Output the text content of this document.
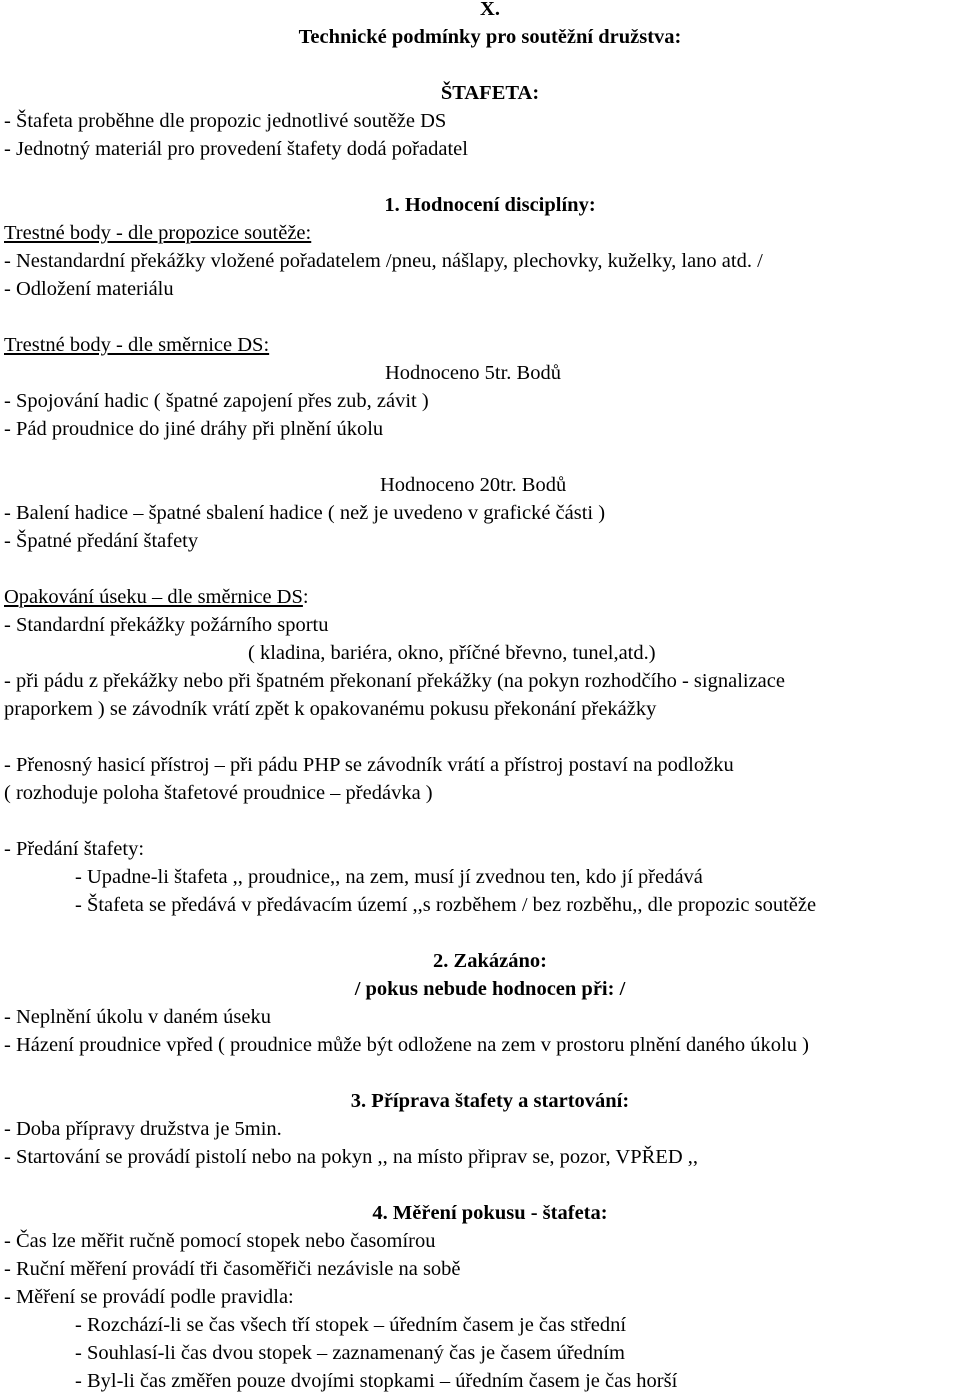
X.
Technické podmínky pro soutěžní družstva:
ŠTAFETA:
- Štafeta proběhne dle propozic jednotlivé soutěže DS
- Jednotný materiál pro provedení štafety dodá pořadatel
1. Hodnocení disciplíny:
Trestné body - dle propozice soutěže:
- Nestandardní překážky vložené pořadatelem /pneu, nášlapy, plechovky, kuželky, lano atd. /
- Odložení materiálu
Trestné body - dle směrnice DS:
Hodnoceno 5tr. Bodů
- Spojování hadic ( špatné zapojení přes zub, závit )
- Pád proudnice do jiné dráhy při plnění úkolu
Hodnoceno 20tr. Bodů
- Balení hadice – špatné sbalení hadice ( než je uvedeno v grafické části )
- Špatné předání štafety
Opakování úseku – dle směrnice DS:
- Standardní překážky požárního sportu
( kladina, bariéra, okno, příčné břevno, tunel,atd.)
- při pádu z překážky nebo při špatném překonaní překážky (na pokyn rozhodčího - signalizace
praporkem ) se závodník vrátí zpět k opakovanému pokusu překonání překážky
- Přenosný hasicí přístroj – při pádu PHP se závodník vrátí a přístroj postaví na podložku
( rozhoduje poloha štafetové proudnice – předávka )
- Předání štafety:
- Upadne-li štafeta ,, proudnice,, na zem, musí jí zvednou ten, kdo jí předává
- Štafeta se předává v předávacím území ,,s rozběhem / bez rozběhu,, dle propozic soutěže
2. Zakázáno:
/ pokus nebude hodnocen při: /
- Neplnění úkolu v daném úseku
- Házení proudnice vpřed ( proudnice může být odložene na zem v prostoru plnění daného úkolu )
3. Příprava štafety a startování:
- Doba přípravy družstva je 5min.
- Startování se provádí pistolí nebo na pokyn ,, na místo připrav se, pozor, VPŘED ,,
4. Měření pokusu - štafeta:
- Čas lze měřit ručně pomocí stopek nebo časomírou
- Ruční měření provádí tři časoměřiči nezávisle na sobě
- Měření se provádí podle pravidla:
- Rozchází-li se čas všech tří stopek – úředním časem je čas střední
- Souhlasí-li čas dvou stopek – zaznamenaný čas je časem úředním
- Byl-li čas změřen pouze dvojími stopkami – úředním časem je čas horší
